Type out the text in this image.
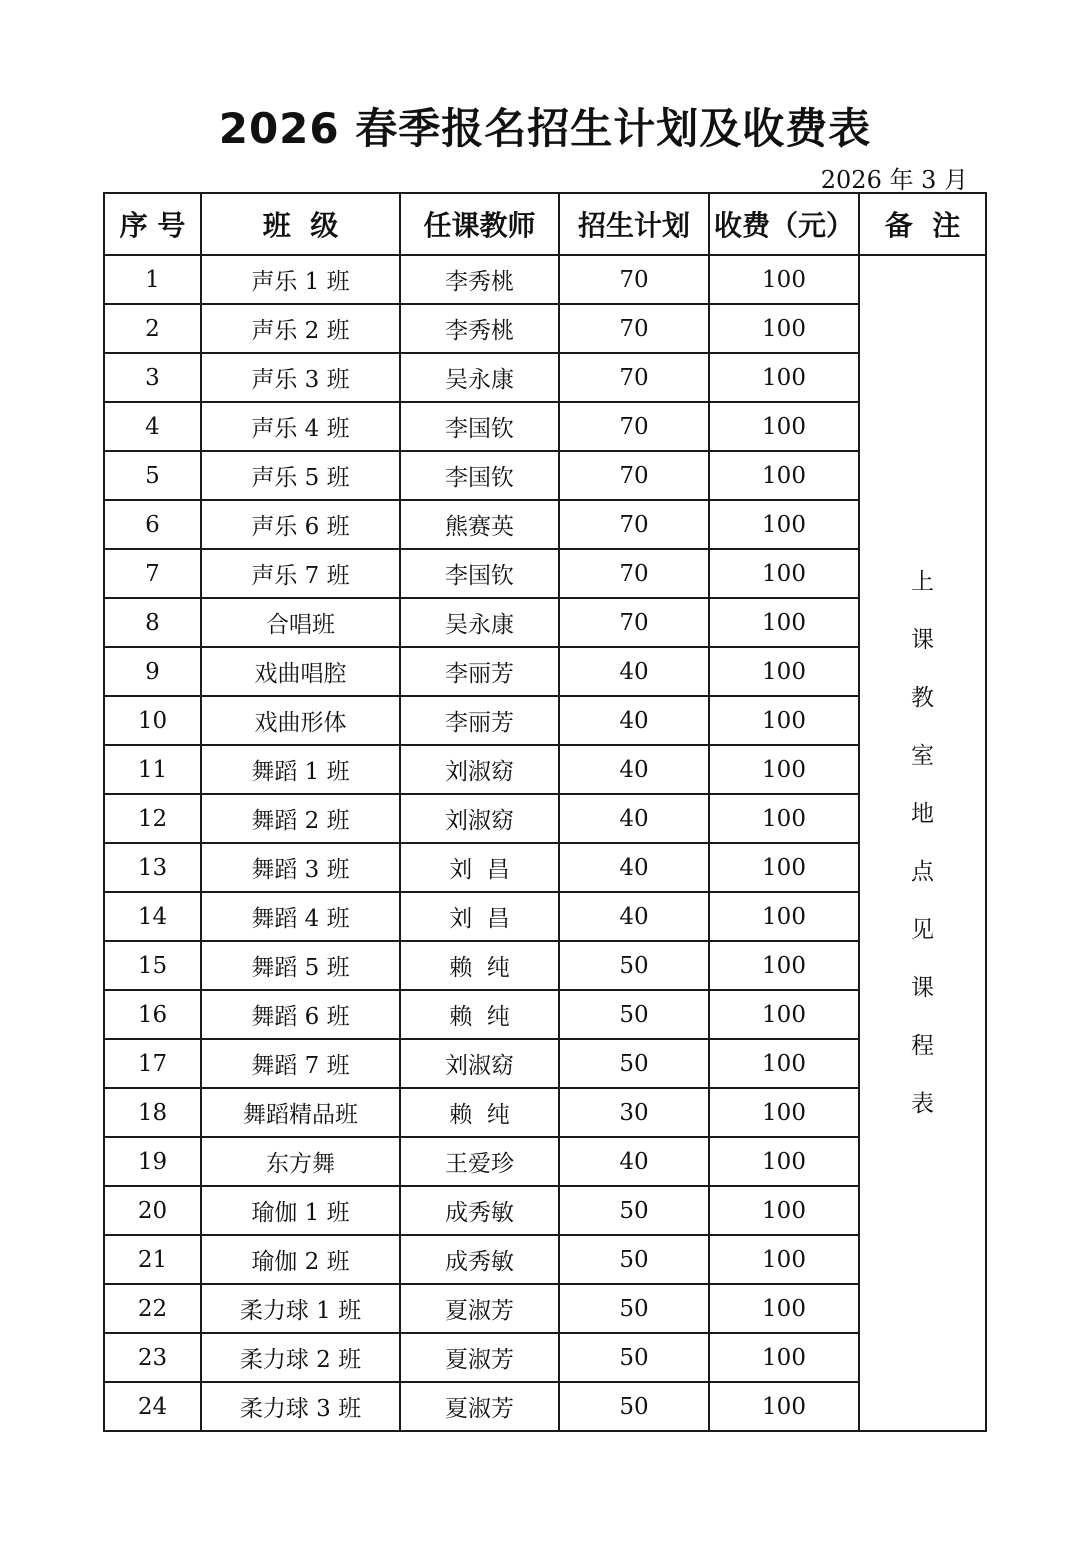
2026 春季报名招生计划及收费表
2026 年 3 月
序 号	班  级	任课教师	招生计划	收费（元）	备  注
1	声乐 1 班	李秀桃	70	100	上课教室地点见课程表
2	声乐 2 班	李秀桃	70	100	
3	声乐 3 班	吴永康	70	100	
4	声乐 4 班	李国钦	70	100	
5	声乐 5 班	李国钦	70	100	
6	声乐 6 班	熊赛英	70	100	
7	声乐 7 班	李国钦	70	100	
8	合唱班	吴永康	70	100	
9	戏曲唱腔	李丽芳	40	100	
10	戏曲形体	李丽芳	40	100	
11	舞蹈 1 班	刘淑窈	40	100	
12	舞蹈 2 班	刘淑窈	40	100	
13	舞蹈 3 班	刘  昌	40	100	
14	舞蹈 4 班	刘  昌	40	100	
15	舞蹈 5 班	赖  纯	50	100	
16	舞蹈 6 班	赖  纯	50	100	
17	舞蹈 7 班	刘淑窈	50	100	
18	舞蹈精品班	赖  纯	30	100	
19	东方舞	王爱珍	40	100	
20	瑜伽 1 班	成秀敏	50	100	
21	瑜伽 2 班	成秀敏	50	100	
22	柔力球 1 班	夏淑芳	50	100	
23	柔力球 2 班	夏淑芳	50	100	
24	柔力球 3 班	夏淑芳	50	100	
